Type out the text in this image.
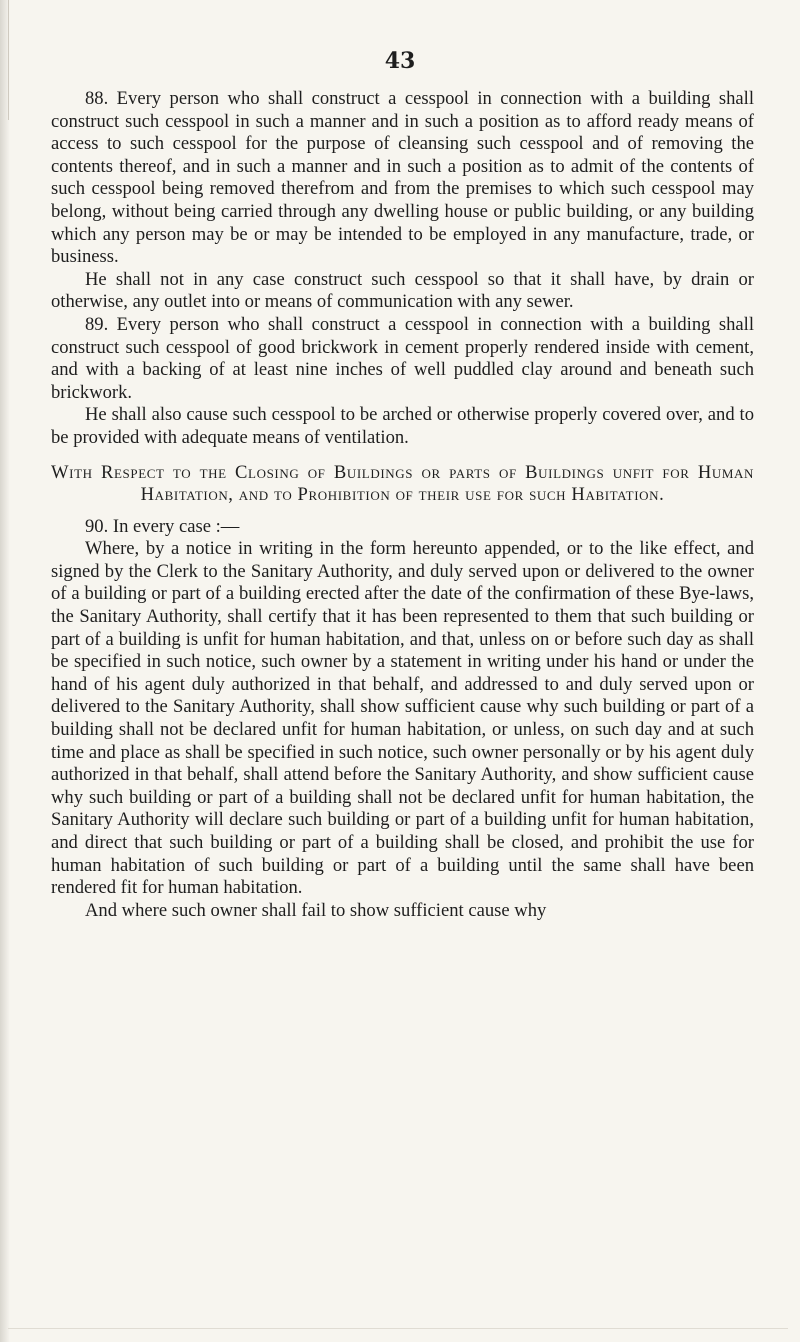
43

88. Every person who shall construct a cesspool in connection with a building shall construct such cesspool in such a manner and in such a position as to afford ready means of access to such cesspool for the purpose of cleansing such cesspool and of removing the contents thereof, and in such a manner and in such a position as to admit of the contents of such cesspool being removed therefrom and from the premises to which such cesspool may belong, without being carried through any dwelling house or public building, or any building which any person may be or may be intended to be employed in any manufacture, trade, or business.

He shall not in any case construct such cesspool so that it shall have, by drain or otherwise, any outlet into or means of communication with any sewer.

89. Every person who shall construct a cesspool in connection with a building shall construct such cesspool of good brickwork in cement properly rendered inside with cement, and with a backing of at least nine inches of well puddled clay around and beneath such brickwork.

He shall also cause such cesspool to be arched or otherwise properly covered over, and to be provided with adequate means of ventilation.

With Respect to the Closing of Buildings or parts of Buildings unfit for Human Habitation, and to Prohibition of their use for such Habitation.

90. In every case :—

Where, by a notice in writing in the form hereunto appended, or to the like effect, and signed by the Clerk to the Sanitary Authority, and duly served upon or delivered to the owner of a building or part of a building erected after the date of the confirmation of these Bye-laws, the Sanitary Authority, shall certify that it has been represented to them that such building or part of a building is unfit for human habitation, and that, unless on or before such day as shall be specified in such notice, such owner by a statement in writing under his hand or under the hand of his agent duly authorized in that behalf, and addressed to and duly served upon or delivered to the Sanitary Authority, shall show sufficient cause why such building or part of a building shall not be declared unfit for human habitation, or unless, on such day and at such time and place as shall be specified in such notice, such owner personally or by his agent duly authorized in that behalf, shall attend before the Sanitary Authority, and show sufficient cause why such building or part of a building shall not be declared unfit for human habitation, the Sanitary Authority will declare such building or part of a building unfit for human habitation, and direct that such building or part of a building shall be closed, and prohibit the use for human habitation of such building or part of a building until the same shall have been rendered fit for human habitation.

And where such owner shall fail to show sufficient cause why
